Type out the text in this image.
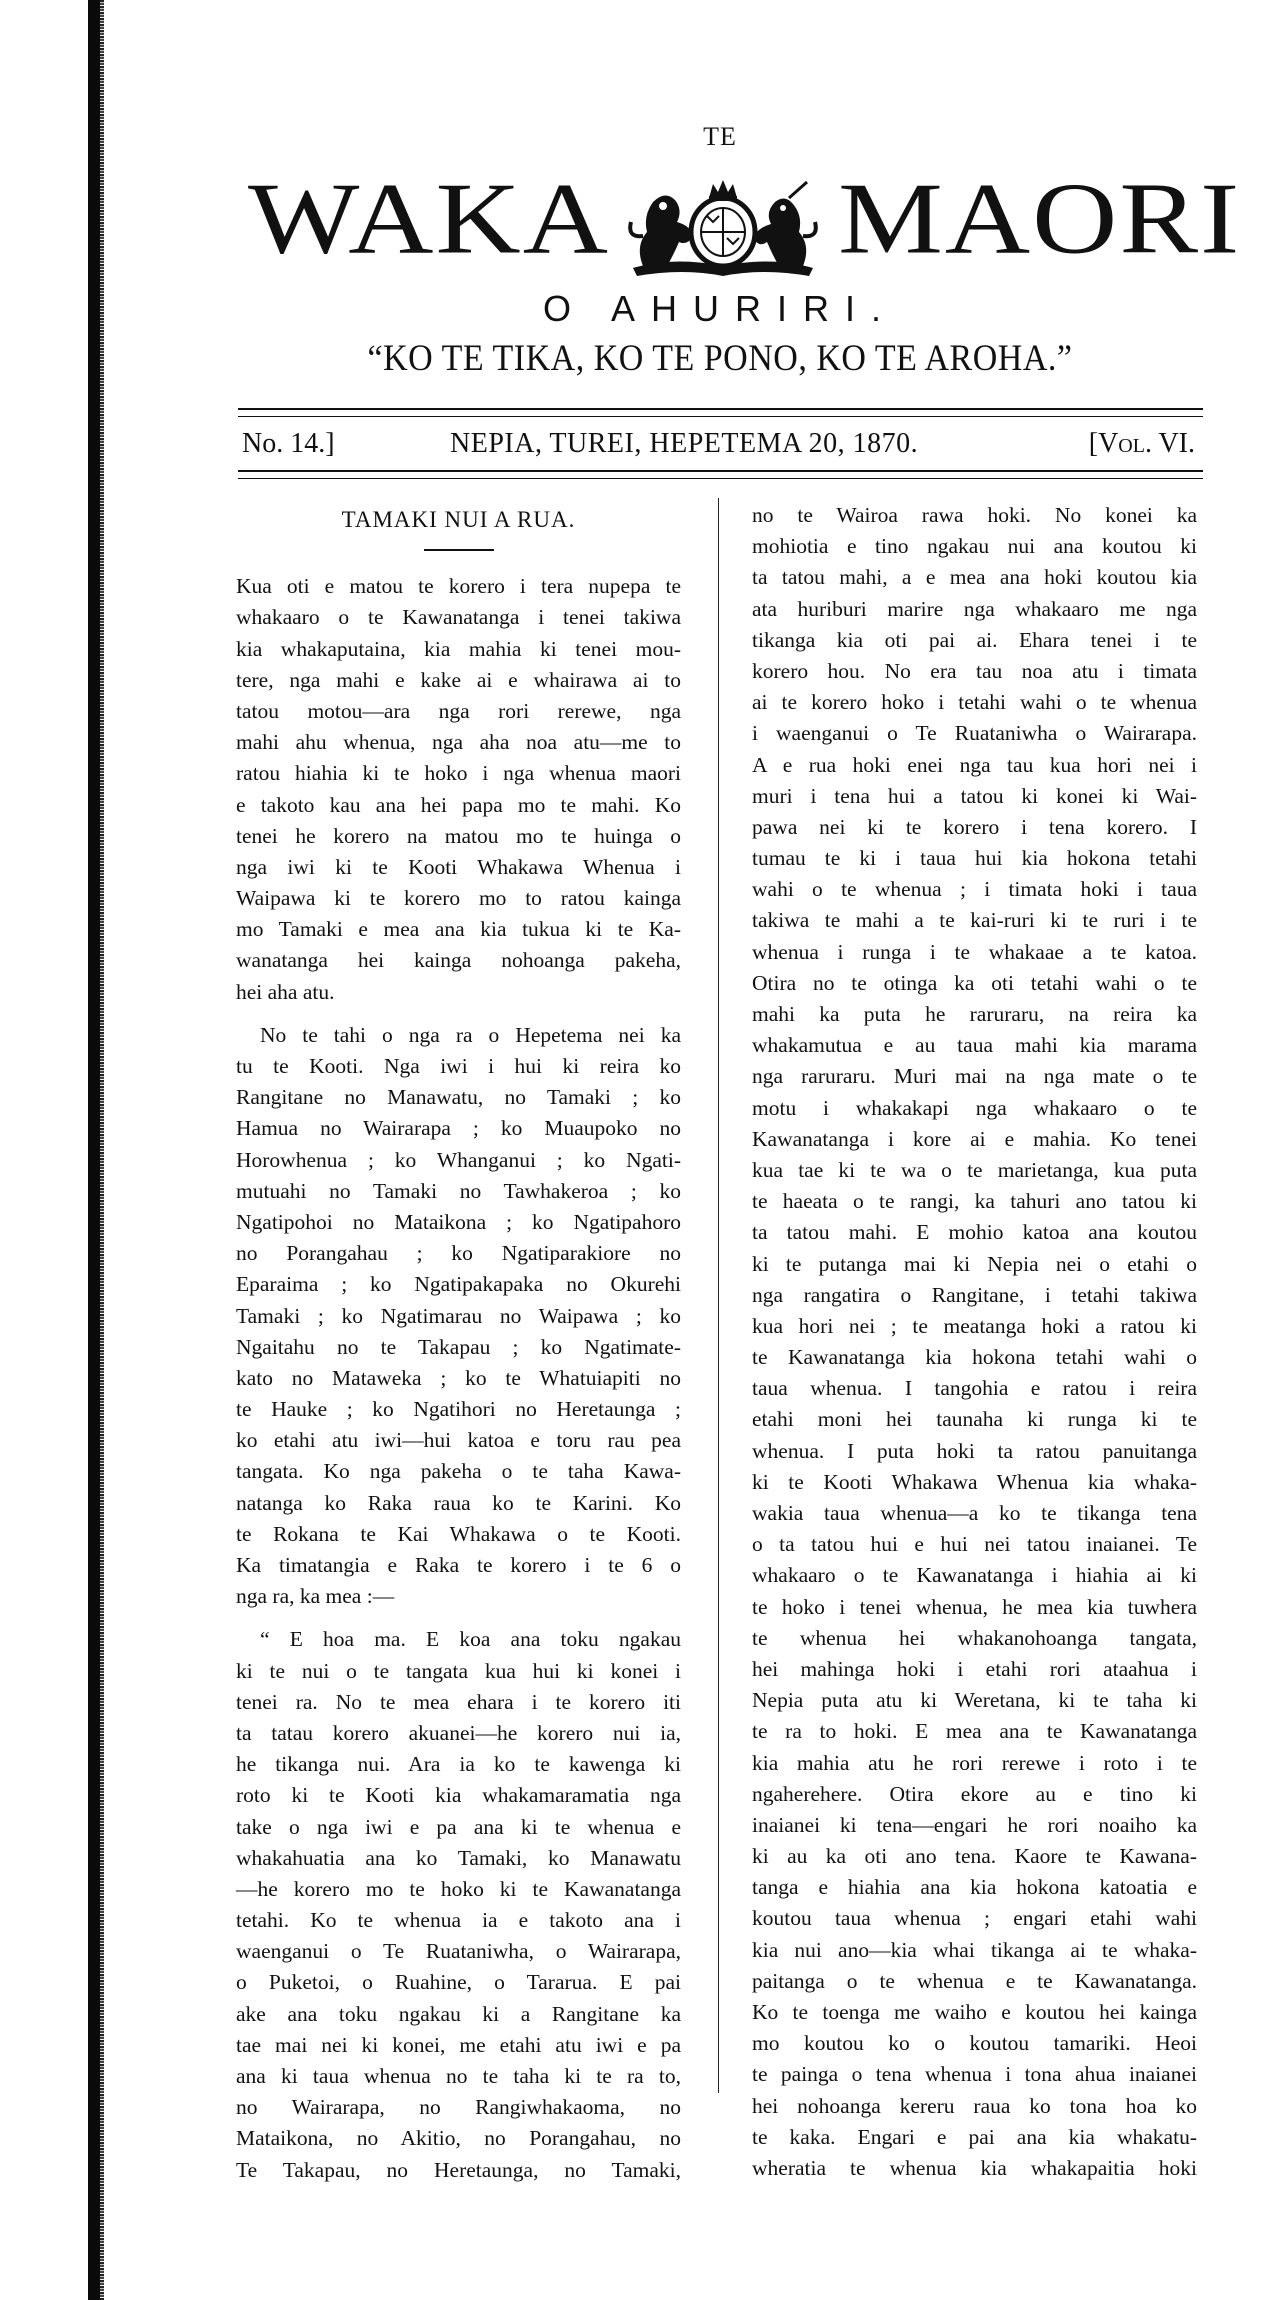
TE
WAKA MAORI
O AHURIRI.
“KO TE TIKA, KO TE PONO, KO TE AROHA.”
No. 14.]	NEPIA, TUREI, HEPETEMA 20, 1870.	[Vol. VI.
TAMAKI NUI A RUA.
Kua oti e matou te korero i tera nupepa te
whakaaro o te Kawanatanga i tenei takiwa
kia whakaputaina, kia mahia ki tenei mou-
tere, nga mahi e kake ai e whairawa ai to
tatou motou—ara nga rori rerewe, nga
mahi ahu whenua, nga aha noa atu—me to
ratou hiahia ki te hoko i nga whenua maori
e takoto kau ana hei papa mo te mahi. Ko
tenei he korero na matou mo te huinga o
nga iwi ki te Kooti Whakawa Whenua i
Waipawa ki te korero mo to ratou kainga
mo Tamaki e mea ana kia tukua ki te Ka-
wanatanga hei kainga nohoanga pakeha,
hei aha atu.
No te tahi o nga ra o Hepetema nei ka
tu te Kooti. Nga iwi i hui ki reira ko
Rangitane no Manawatu, no Tamaki ; ko
Hamua no Wairarapa ; ko Muaupoko no
Horowhenua ; ko Whanganui ; ko Ngati-
mutuahi no Tamaki no Tawhakeroa ; ko
Ngatipohoi no Mataikona ; ko Ngatipahoro
no Porangahau ; ko Ngatiparakiore no
Eparaima ; ko Ngatipakapaka no Okurehi
Tamaki ; ko Ngatimarau no Waipawa ; ko
Ngaitahu no te Takapau ; ko Ngatimate-
kato no Mataweka ; ko te Whatuiapiti no
te Hauke ; ko Ngatihori no Heretaunga ;
ko etahi atu iwi—hui katoa e toru rau pea
tangata. Ko nga pakeha o te taha Kawa-
natanga ko Raka raua ko te Karini. Ko
te Rokana te Kai Whakawa o te Kooti.
Ka timatangia e Raka te korero i te 6 o
nga ra, ka mea :—
“ E hoa ma. E koa ana toku ngakau
ki te nui o te tangata kua hui ki konei i
tenei ra. No te mea ehara i te korero iti
ta tatau korero akuanei—he korero nui ia,
he tikanga nui. Ara ia ko te kawenga ki
roto ki te Kooti kia whakamaramatia nga
take o nga iwi e pa ana ki te whenua e
whakahuatia ana ko Tamaki, ko Manawatu
—he korero mo te hoko ki te Kawanatanga
tetahi. Ko te whenua ia e takoto ana i
waenganui o Te Ruataniwha, o Wairarapa,
o Puketoi, o Ruahine, o Tararua. E pai
ake ana toku ngakau ki a Rangitane ka
tae mai nei ki konei, me etahi atu iwi e pa
ana ki taua whenua no te taha ki te ra to,
no Wairarapa, no Rangiwhakaoma, no
Mataikona, no Akitio, no Porangahau, no
Te Takapau, no Heretaunga, no Tamaki,
no te Wairoa rawa hoki. No konei ka
mohiotia e tino ngakau nui ana koutou ki
ta tatou mahi, a e mea ana hoki koutou kia
ata huriburi marire nga whakaaro me nga
tikanga kia oti pai ai. Ehara tenei i te
korero hou. No era tau noa atu i timata
ai te korero hoko i tetahi wahi o te whenua
i waenganui o Te Ruataniwha o Wairarapa.
A e rua hoki enei nga tau kua hori nei i
muri i tena hui a tatou ki konei ki Wai-
pawa nei ki te korero i tena korero. I
tumau te ki i taua hui kia hokona tetahi
wahi o te whenua ; i timata hoki i taua
takiwa te mahi a te kai-ruri ki te ruri i te
whenua i runga i te whakaae a te katoa.
Otira no te otinga ka oti tetahi wahi o te
mahi ka puta he raruraru, na reira ka
whakamutua e au taua mahi kia marama
nga raruraru. Muri mai na nga mate o te
motu i whakakapi nga whakaaro o te
Kawanatanga i kore ai e mahia. Ko tenei
kua tae ki te wa o te marietanga, kua puta
te haeata o te rangi, ka tahuri ano tatou ki
ta tatou mahi. E mohio katoa ana koutou
ki te putanga mai ki Nepia nei o etahi o
nga rangatira o Rangitane, i tetahi takiwa
kua hori nei ; te meatanga hoki a ratou ki
te Kawanatanga kia hokona tetahi wahi o
taua whenua. I tangohia e ratou i reira
etahi moni hei taunaha ki runga ki te
whenua. I puta hoki ta ratou panuitanga
ki te Kooti Whakawa Whenua kia whaka-
wakia taua whenua—a ko te tikanga tena
o ta tatou hui e hui nei tatou inaianei. Te
whakaaro o te Kawanatanga i hiahia ai ki
te hoko i tenei whenua, he mea kia tuwhera
te whenua hei whakanohoanga tangata,
hei mahinga hoki i etahi rori ataahua i
Nepia puta atu ki Weretana, ki te taha ki
te ra to hoki. E mea ana te Kawanatanga
kia mahia atu he rori rerewe i roto i te
ngaherehere. Otira ekore au e tino ki
inaianei ki tena—engari he rori noaiho ka
ki au ka oti ano tena. Kaore te Kawana-
tanga e hiahia ana kia hokona katoatia e
koutou taua whenua ; engari etahi wahi
kia nui ano—kia whai tikanga ai te whaka-
paitanga o te whenua e te Kawanatanga.
Ko te toenga me waiho e koutou hei kainga
mo koutou ko o koutou tamariki. Heoi
te painga o tena whenua i tona ahua inaianei
hei nohoanga kereru raua ko tona hoa ko
te kaka. Engari e pai ana kia whakatu-
wheratia te whenua kia whakapaitia hoki
